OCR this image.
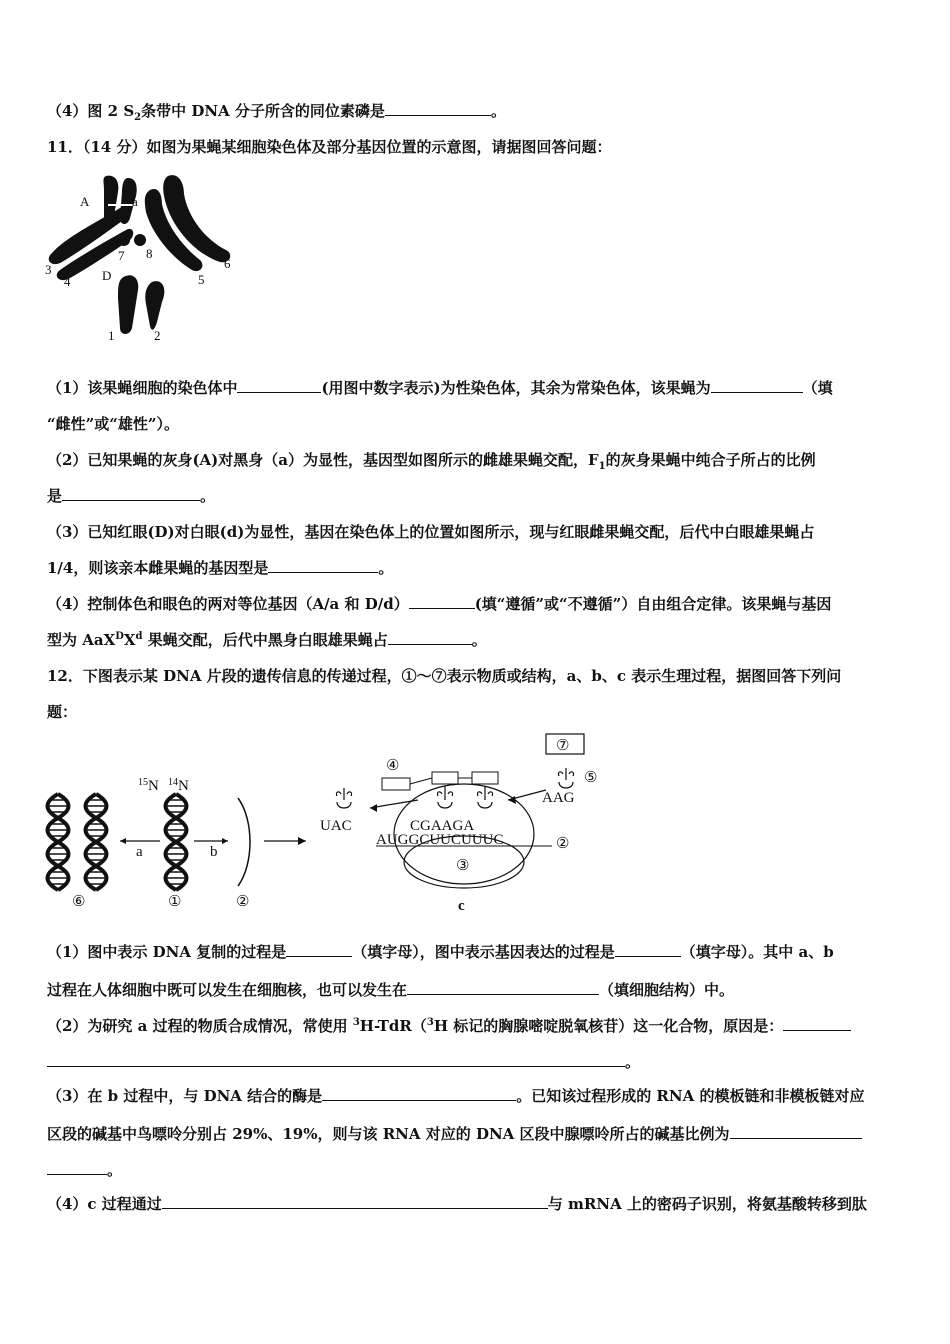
（4）图 2 $S_2$条带中 DNA 分子所含的同位素磷是	。
11．（14 分）如图为果蝇某细胞染色体及部分基因位置的示意图，请据图回答问题：
A	a
7 8
3
4 D	5
6
1	2
（1）该果蝇细胞的染色体中	(用图中数字表示)为性染色体，其余为常染色体，该果蝇为	（填
“雌性”或“雄性”）。
（2）已知果蝇的灰身(A)对黑身（a）为显性，基因型如图所示的雌雄果蝇交配，$F_1$的灰身果蝇中纯合子所占的比例
是	。
（3）已知红眼(D)对白眼(d)为显性，基因在染色体上的位置如图所示，现与红眼雌果蝇交配，后代中白眼雄果蝇占
1/4，则该亲本雌果蝇的基因型是	。
（4）控制体色和眼色的两对等位基因（A/a 和 D/d）	(填“遵循”或“不遵循”）自由组合定律。该果蝇与基因
型为 $AaX^DX^d$ 果蝇交配，后代中黑身白眼雄果蝇占	。
12．下图表示某 DNA 片段的遗传信息的传递过程，①～⑦表示物质或结构，a、b、c 表示生理过程，据图回答下列问
题：
$^{15}$N $^{14}$N
a	b
⑥	①	②
UAC
AAG
CGAAGA
AUGGCUUCUUUC	②
③
④
⑤
⑦
c
（1）图中表示 DNA 复制的过程是	（填字母），图中表示基因表达的过程是	（填字母）。其中 a、b
过程在人体细胞中既可以发生在细胞核，也可以发生在	（填细胞结构）中。
（2）为研究 a 过程的物质合成情况，常使用 $^3$H-TdR（$^3$H 标记的胸腺嘧啶脱氧核苷）这一化合物，原因是：
。
（3）在 b 过程中，与 DNA 结合的酶是	。已知该过程形成的 RNA 的模板链和非模板链对应
区段的碱基中鸟嘌呤分别占 29%、19%，则与该 RNA 对应的 DNA 区段中腺嘌呤所占的碱基比例为
。
（4）c 过程通过	与 mRNA 上的密码子识别，将氨基酸转移到肽
